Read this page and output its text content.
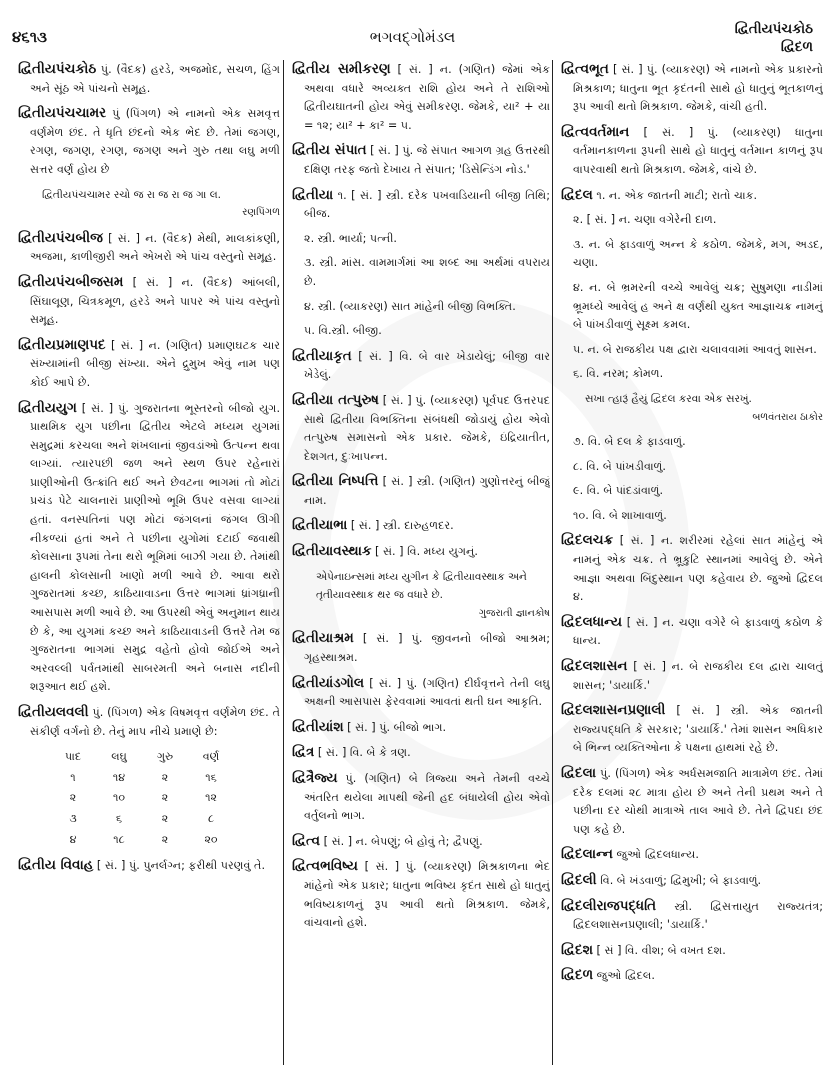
૪૬૧૩	ભગવદ્ગોમંડલ	દ્વિતીયપંચકોઠ
દ્વિદળ

દ્વિતીયપંચકોઠ પું. (વૈદક) હરડે, અજમોદ, સચળ, હિંગ અને સૂંઠ એ પાંચનો સમૂહ.

દ્વિતીયપંચચામર પું (પિંગળ) એ નામનો એક સમવૃત્ત વર્ણમેળ છંદ. તે ધૃતિ છંદનો એક ભેદ છે. તેમાં જગણ, રગણ, જગણ, રગણ, જગણ અને ગુરુ તથા લઘુ મળી સત્તર વર્ણ હોય છે

દ્વિતીયપંચચામર રચો જ રા જ રા જ ગા લ.

રણપિંગળ

દ્વિતીયપંચબીજ [ સં. ] ન. (વૈદક) મેથી, માલકાંકણી, અજમા, કાળીજીરી અને એખરો એ પાંચ વસ્તુનો સમૂહ.

દ્વિતીયપંચબીજસમ [ સં. ] ન. (વૈદક) આંબલી, સિંઘાલૂણ, ચિત્રકમૂળ, હરડે અને પાપર એ પાંચ વસ્તુનો સમૂહ.

દ્વિતીયપ્રમાણપદ [ સં. ] ન. (ગણિત) પ્રમાણઘટક ચાર સંખ્યામાંની બીજી સંખ્યા. એને દ્રુમુખ એવું નામ પણ કોઈ આપે છે.

દ્વિતીયયુગ [ સં. ] પું. ગુજરાતના ભૂસ્તરનો બીજો યુગ. પ્રાથમિક યુગ પછીના દ્વિતીય એટલે મધ્યમ યુગમાં સમુદ્રમાં કરચલા અને શંખલાનાં જીવડાંઓ ઉત્પન્ન થવા લાગ્યાં. ત્યારપછી જળ અને સ્થળ ઉપર રહેનારાં પ્રાણીઓની ઉત્ક્રાંતિ થઈ અને છેવટના ભાગમાં તો મોટાં પ્રચંડ પેટે ચાલનારાં પ્રાણીઓ ભૂમિ ઉપર વસવા લાગ્યાં હતાં. વનસ્પતિનાં પણ મોટાં જંગલનાં જંગલ ઊગી નીકળ્યાં હતાં અને તે પછીના યુગોમાં દટાઈ જવાથી કોલસાના રૂપમાં તેના થરો ભૂમિમાં બાઝી ગયા છે. તેમાંથી હાલની કોલસાની ખાણો મળી આવે છે. આવા થરો ગુજરાતમાં કચ્છ, કાઠિયાવાડના ઉત્તર ભાગમાં ધ્રાંગધ્રાની આસપાસ મળી આવે છે. આ ઉપરથી એવું અનુમાન થાય છે કે, આ યુગમાં કચ્છ અને કાઠિયાવાડની ઉત્તરે તેમ જ ગુજરાતના ભાગમાં સમુદ્ર વહેતો હોવો જોઈએ અને અરવલ્લી પર્વતમાંથી સાબરમતી અને બનાસ નદીની શરૂઆત થઈ હશે.

દ્વિતીયલવલી પું. (પિંગળ) એક વિષમવૃત્ત વર્ણમેળ છંદ. તે સંકીર્ણ વર્ગનો છે. તેનું માપ નીચે પ્રમાણે છે:

પાદ	લઘુ	ગુરુ	વર્ણ
૧	૧૪	૨	૧૬
૨	૧૦	૨	૧૨
૩	૬	૨	૮
૪	૧૮	૨	૨૦

દ્વિતીય વિવાહ [ સં. ] પું. પુનર્લગ્ન; ફરીથી પરણવું તે.

દ્વિતીય સમીકરણ [ સં. ] ન. (ગણિત) જેમાં એક અથવા વધારે અવ્યક્ત રાશિ હોય અને તે રાશિઓ દ્વિતીયઘાતની હોય એવું સમીકરણ. જેમકે, યા² + યા = ૧૨; યા² + કા² = ૫.

દ્વિતીય સંપાત [ સં. ] પું. જે સંપાત આગળ ગ્રહ ઉત્તરથી દક્ષિણ તરફ જતો દેખાય તે સંપાત; 'ડિસેન્ડિંગ નોડ.'

દ્વિતીયા ૧. [ સં. ] સ્ત્રી. દરેક પખવાડિયાની બીજી તિથિ; બીજ.

૨. સ્ત્રી. ભાર્યા; પત્ની.

૩. સ્ત્રી. માંસ. વામમાર્ગમાં આ શબ્દ આ અર્થમાં વપરાય છે.

૪. સ્ત્રી. (વ્યાકરણ) સાત માંહેની બીજી વિભક્તિ.

૫. વિ.સ્ત્રી. બીજી.

દ્વિતીયાકૃત [ સં. ] વિ. બે વાર ખેડાયેલું; બીજી વાર ખેડેલું.

દ્વિતીયા તત્પુરુષ [ સં. ] પું. (વ્યાકરણ) પૂર્વપદ ઉત્તરપદ સાથે દ્વિતીયા વિભક્તિના સંબંધથી જોડાયું હોય એવો તત્પુરુષ સમાસનો એક પ્રકાર. જેમકે, ઇંદ્રિયાતીત, દેશગત, દુઃખાપન્ન.

દ્વિતીયા નિષ્પત્તિ [ સં. ] સ્ત્રી. (ગણિત) ગુણોત્તરનું બીજું નામ.

દ્વિતીયાભા [ સં. ] સ્ત્રી. દારુહળદર.

દ્વિતીયાવસ્થાક [ સં. ] વિ. મધ્ય યુગનું.

એપેનાઇન્સમાં મધ્ય યુગીન કે દ્વિતીયાવસ્થાક અને તૃતીયાવસ્થાક થર જ વધારે છે.

ગુજરાતી જ્ઞાનકોષ

દ્વિતીયાશ્રમ [ સં. ] પું. જીવનનો બીજો આશ્રમ; ગૃહસ્થાશ્રમ.

દ્વિતીયાંડગોલ [ સં. ] પું. (ગણિત) દીર્ઘવૃત્તને તેની લઘુ અક્ષની આસપાસ ફેરવવામાં આવતાં થતી ઘન આકૃતિ.

દ્વિતીયાંશ [ સં. ] પું. બીજો ભાગ.

દ્વિત્ર [ સં. ] વિ. બે કે ત્રણ.

દ્વિત્રૈજ્ય પું. (ગણિત) બે ત્રિજ્યા અને તેમની વચ્ચે અંતરિત થયેલા માપથી જેની હદ બંધાયેલી હોય એવો વર્તુલનો ભાગ.

દ્વિત્વ [ સં. ] ન. બેપણું; બે હોવું તે; દ્વૈપણું.

દ્વિત્વભવિષ્ય [ સં. ] પું. (વ્યાકરણ) મિશ્રકાળના ભેદ માંહેનો એક પ્રકાર; ધાતુના ભવિષ્ય કૃદંત સાથે હો ધાતુનું ભવિષ્યકાળનું રૂપ આવી થતો મિશ્રકાળ. જેમકે, વાંચવાનો હશે.

દ્વિત્વભૂત [ સં. ] પું. (વ્યાકરણ) એ નામનો એક પ્રકારનો મિશ્રકાળ; ધાતુના ભૂત કૃદંતની સાથે હો ધાતુનું ભૂતકાળનું રૂપ આવી થતો મિશ્રકાળ. જેમકે, વાંચી હતી.

દ્વિત્વવર્તમાન [ સં. ] પું. (વ્યાકરણ) ધાતુના વર્તમાનકાળના રૂપની સાથે હો ધાતુનું વર્તમાન કાળનું રૂપ વાપરવાથી થતો મિશ્રકાળ. જેમકે, વાંચે છે.

દ્વિદલ ૧. ન. એક જાતની માટી; રાતો ચાક.

૨. [ સં. ] ન. ચણા વગેરેની દાળ.

૩. ન. બે ફાડવાળું અન્ન કે કઠોળ. જેમકે, મગ, અડદ, ચણા.

૪. ન. બે ભ્રમરની વચ્ચે આવેલું ચક્ર; સુષુમણા નાડીમાં ભ્રૂમધ્યે આવેલું હ અને ક્ષ વર્ણથી યુક્ત આજ્ઞાચક્ર નામનું બે પાંખડીવાળું સૂક્ષ્મ કમલ.

૫. ન. બે રાજકીય પક્ષ દ્વારા ચલાવવામાં આવતું શાસન.

૬. વિ. નરમ; કોમળ.

સખા ત્હારૂં હૈયું દ્વિદલ કરવા એક સરખું.

બળવંતરાય ઠાકોર

૭. વિ. બે દલ કે ફાડવાળું.

૮. વિ. બે પાંખડીવાળું.

૯. વિ. બે પાંદડાંવાળું.

૧૦. વિ. બે શાખાવાળું.

દ્વિદલચક્ર [ સં. ] ન. શરીરમાં રહેલાં સાત માંહેનું એ નામનું એક ચક્ર. તે ભ્રૂકુટિ સ્થાનમાં આવેલું છે. એને આજ્ઞા અથવા બિંદુસ્થાન પણ કહેવાય છે. જુઓ દ્વિદલ ૪.

દ્વિદલધાન્ય [ સં. ] ન. ચણા વગેરે બે ફાડવાળું કઠોળ કે ધાન્ય.

દ્વિદલશાસન [ સં. ] ન. બે રાજકીય દલ દ્વારા ચાલતું શાસન; 'ડાયાર્કિ.'

દ્વિદલશાસનપ્રણાલી [ સં. ] સ્ત્રી. એક જાતની રાજ્યપદ્ધતિ કે સરકાર; 'ડાયાર્કિ.' તેમાં શાસન અધિકાર બે ભિન્ન વ્યક્તિઓના કે પક્ષના હાથમાં રહે છે.

દ્વિદલા પું. (પિંગળ) એક અર્ધસમજાતિ માત્રામેળ છંદ. તેમાં દરેક દલમાં ૨૮ માત્રા હોય છે અને તેની પ્રથમ અને તે પછીના દર ચોથી માત્રાએ તાલ આવે છે. તેને દ્વિપદા છંદ પણ કહે છે.

દ્વિદલાન્ન જુઓ દ્વિદલધાન્ય.

દ્વિદલી વિ. બે ખંડવાળું; દ્વિમુખી; બે ફાડવાળું.

દ્વિદલીરાજપદ્ધતિ સ્ત્રી. દ્વિસત્તાયુત રાજ્યતંત્ર; દ્વિદલશાસનપ્રણાલી; 'ડાયાર્કિ.'

દ્વિદશ [ સં ] વિ. વીશ; બે વખત દશ.

દ્વિદળ જુઓ દ્વિદલ.
